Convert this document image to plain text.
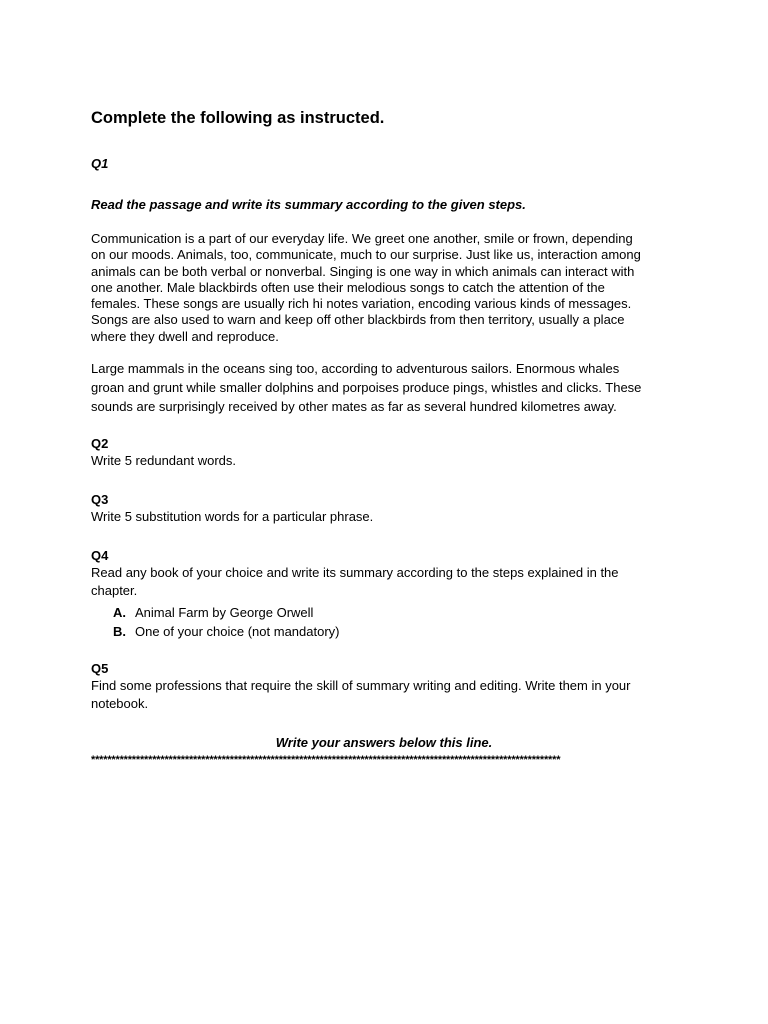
Complete the following as instructed.
Q1
Read the passage and write its summary according to the given steps.
Communication is a part of our everyday life. We greet one another, smile or frown, depending
on our moods. Animals, too, communicate, much to our surprise. Just like us, interaction among
animals can be both verbal or nonverbal. Singing is one way in which animals can interact with
one another. Male blackbirds often use their melodious songs to catch the attention of the
females. These songs are usually rich hi notes variation, encoding various kinds of messages.
Songs are also used to warn and keep off other blackbirds from then territory, usually a place
where they dwell and reproduce.
Large mammals in the oceans sing too, according to adventurous sailors. Enormous whales
groan and grunt while smaller dolphins and porpoises produce pings, whistles and clicks. These
sounds are surprisingly received by other mates as far as several hundred kilometres away.
Q2
Write 5 redundant words.
Q3
Write 5 substitution words for a particular phrase.
Q4
Read any book of your choice and write its summary according to the steps explained in the
chapter.
A. Animal Farm by George Orwell
B. One of your choice (not mandatory)
Q5
Find some professions that require the skill of summary writing and editing. Write them in your
notebook.
Write your answers below this line.
*******************************************************************************************************************
